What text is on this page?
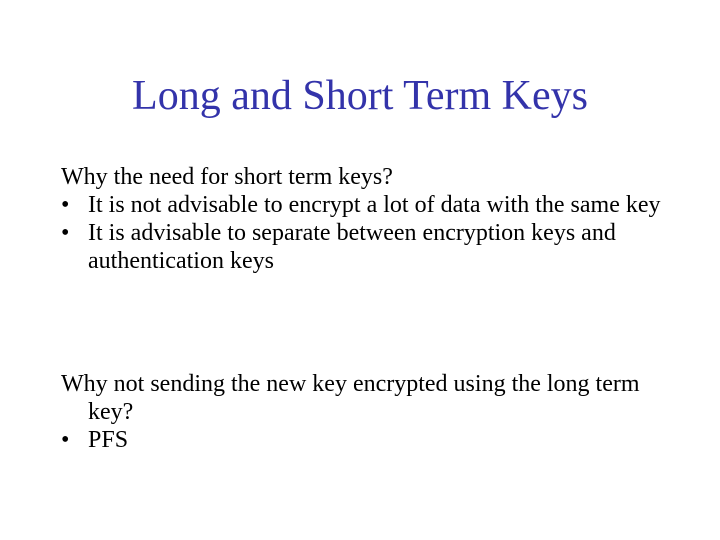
Long and Short Term Keys

Why the need for short term keys?

• It is not advisable to encrypt a lot of data with the same key
• It is advisable to separate between encryption keys and authentication keys

Why not sending the new key encrypted using the long term key?

• PFS
